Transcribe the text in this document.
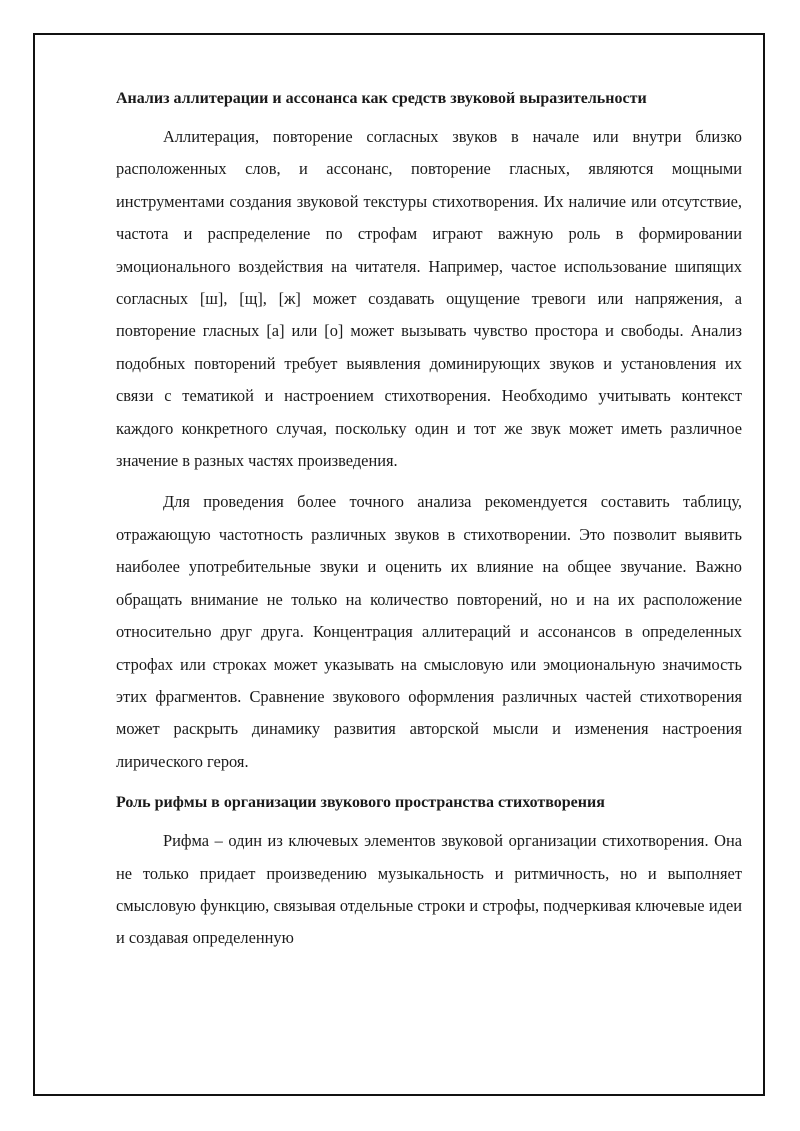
Анализ аллитерации и ассонанса как средств звуковой выразительности

Аллитерация, повторение согласных звуков в начале или внутри близко расположенных слов, и ассонанс, повторение гласных, являются мощными инструментами создания звуковой текстуры стихотворения. Их наличие или отсутствие, частота и распределение по строфам играют важную роль в формировании эмоционального воздействия на читателя. Например, частое использование шипящих согласных [ш], [щ], [ж] может создавать ощущение тревоги или напряжения, а повторение гласных [а] или [о] может вызывать чувство простора и свободы. Анализ подобных повторений требует выявления доминирующих звуков и установления их связи с тематикой и настроением стихотворения. Необходимо учитывать контекст каждого конкретного случая, поскольку один и тот же звук может иметь различное значение в разных частях произведения.

Для проведения более точного анализа рекомендуется составить таблицу, отражающую частотность различных звуков в стихотворении. Это позволит выявить наиболее употребительные звуки и оценить их влияние на общее звучание. Важно обращать внимание не только на количество повторений, но и на их расположение относительно друг друга. Концентрация аллитераций и ассонансов в определенных строфах или строках может указывать на смысловую или эмоциональную значимость этих фрагментов. Сравнение звукового оформления различных частей стихотворения может раскрыть динамику развития авторской мысли и изменения настроения лирического героя.

Роль рифмы в организации звукового пространства стихотворения

Рифма – один из ключевых элементов звуковой организации стихотворения. Она не только придает произведению музыкальность и ритмичность, но и выполняет смысловую функцию, связывая отдельные строки и строфы, подчеркивая ключевые идеи и создавая определенную
